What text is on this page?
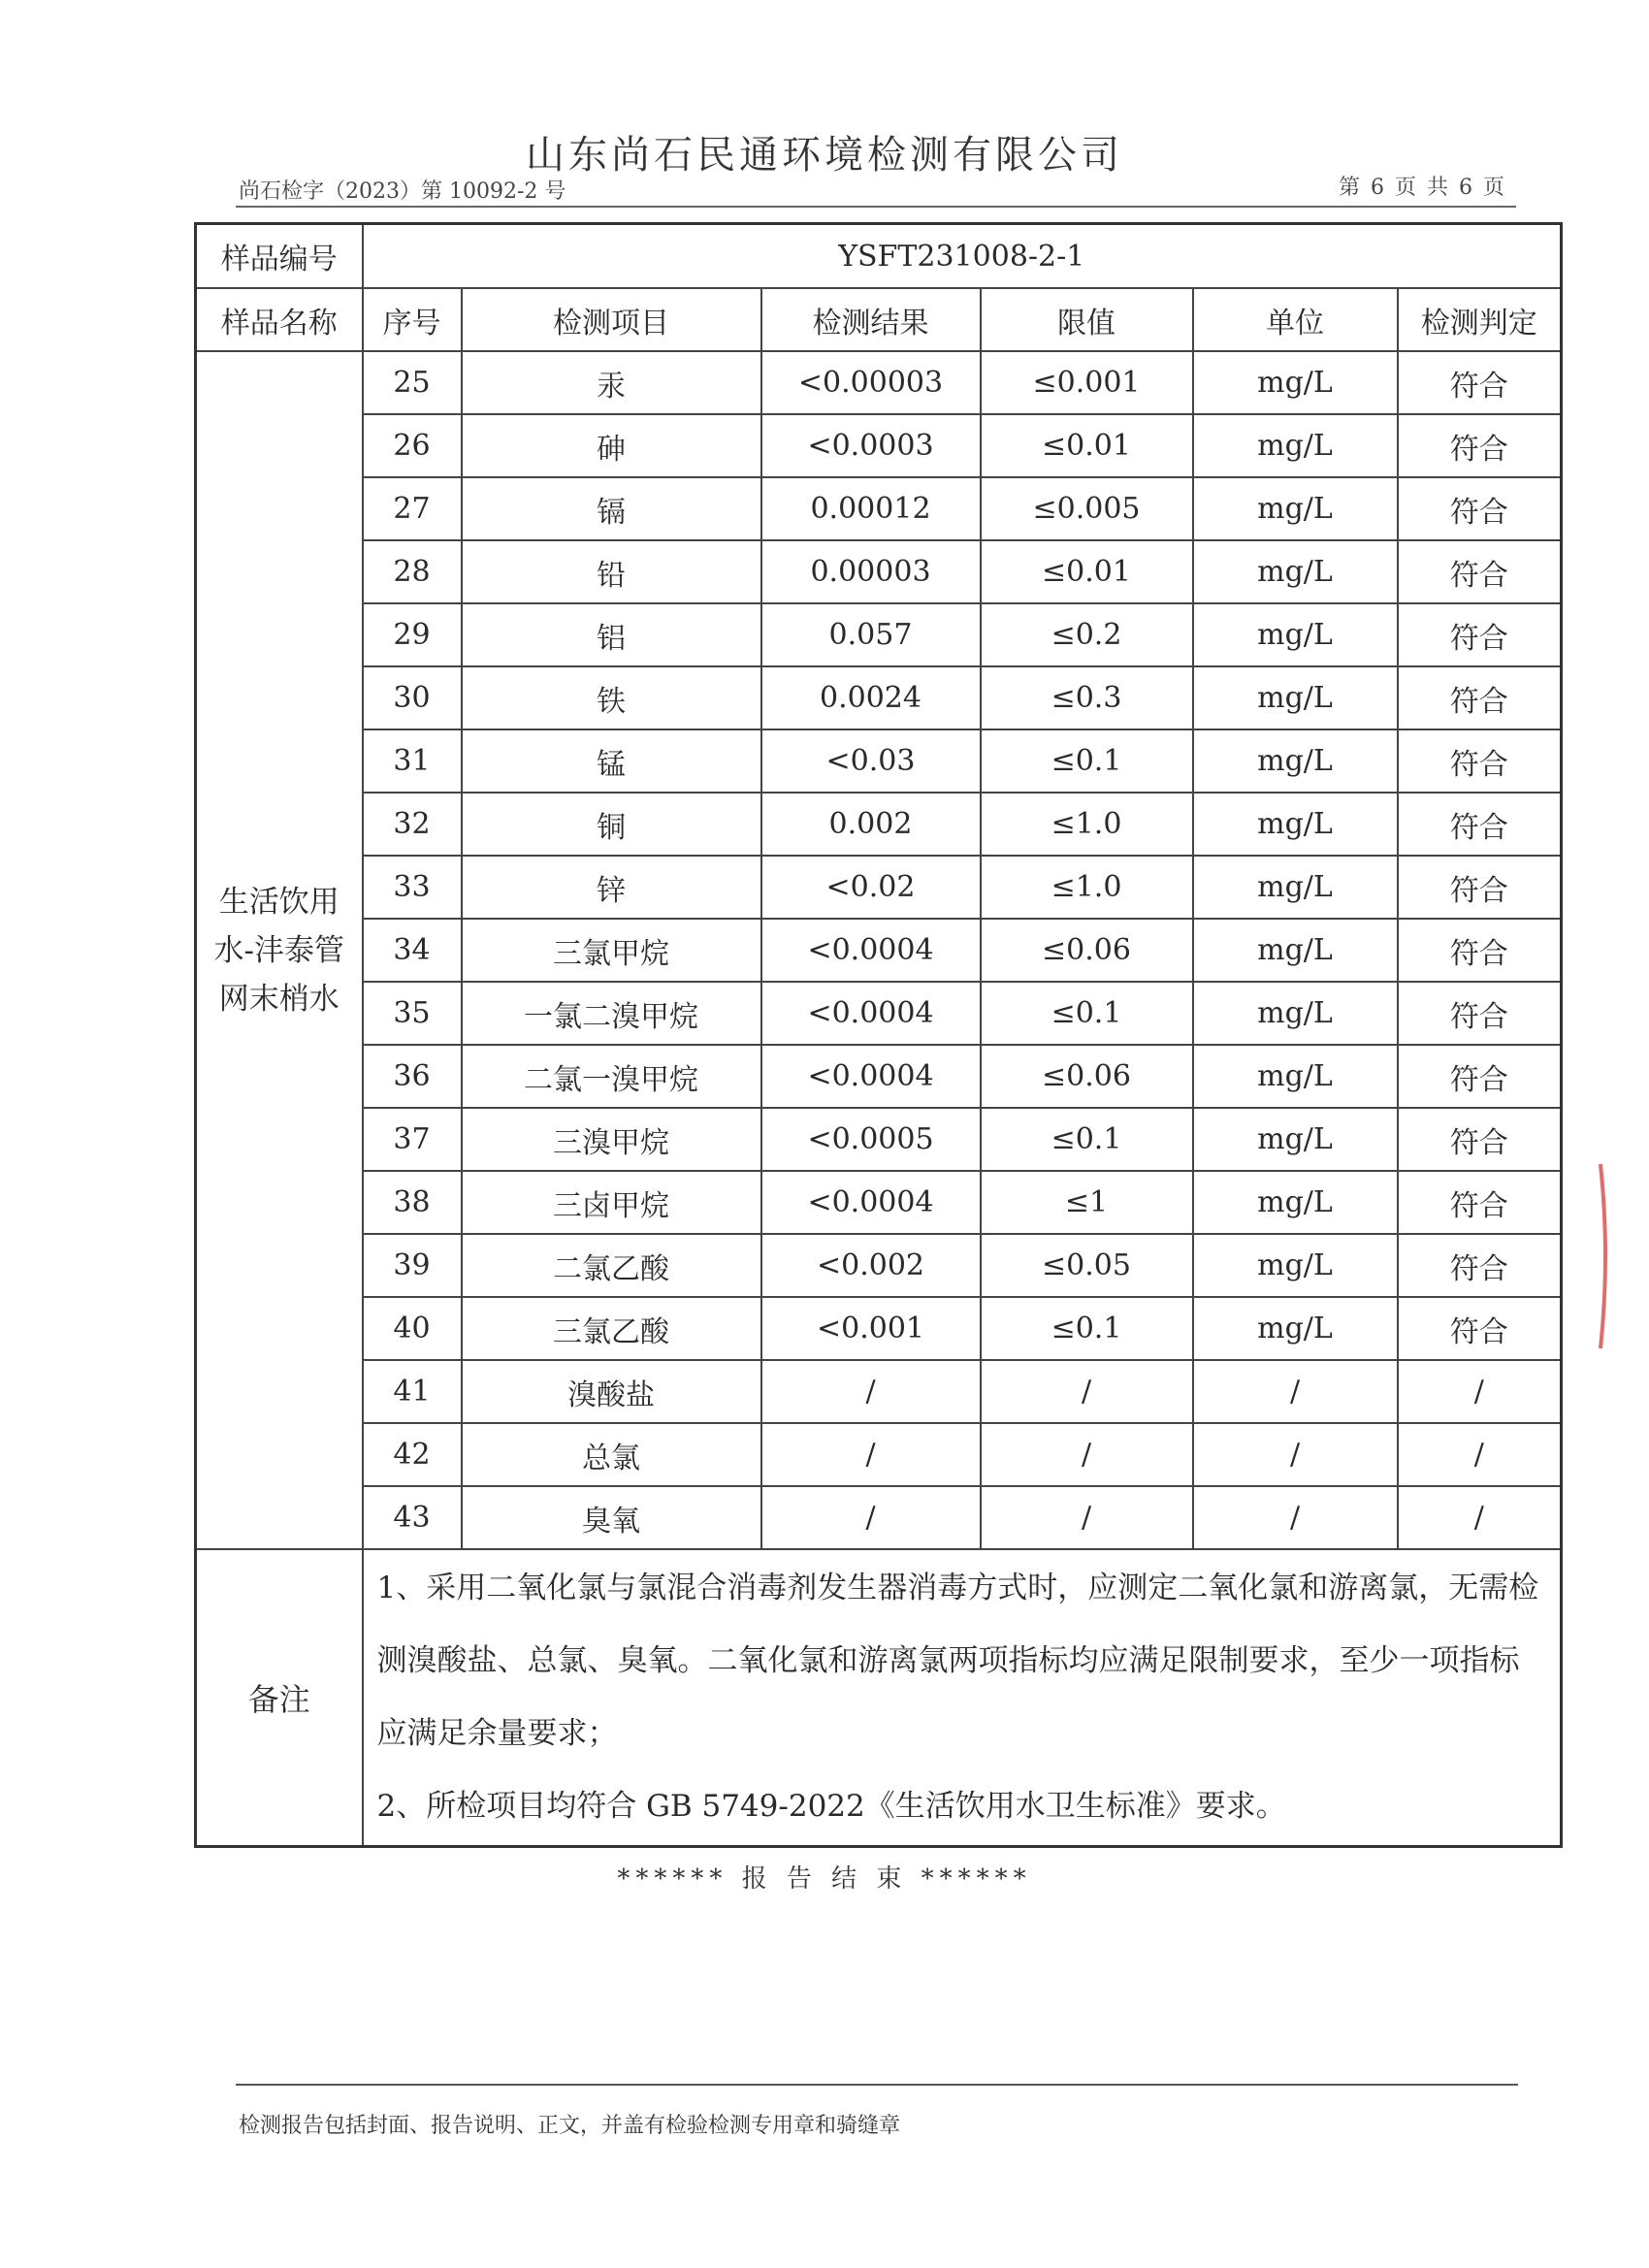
山东尚石民通环境检测有限公司
尚石检字（2023）第 10092-2 号	第 6 页 共 6 页
样品编号	YSFT231008-2-1					
样品名称	序号	检测项目	检测结果	限值	单位	检测判定
生活饮用水-沣泰管网末梢水	25	汞	<0.00003	≤0.001	mg/L	符合
	26	砷	<0.0003	≤0.01	mg/L	符合
	27	镉	0.00012	≤0.005	mg/L	符合
	28	铅	0.00003	≤0.01	mg/L	符合
	29	铝	0.057	≤0.2	mg/L	符合
	30	铁	0.0024	≤0.3	mg/L	符合
	31	锰	<0.03	≤0.1	mg/L	符合
	32	铜	0.002	≤1.0	mg/L	符合
	33	锌	<0.02	≤1.0	mg/L	符合
	34	三氯甲烷	<0.0004	≤0.06	mg/L	符合
	35	一氯二溴甲烷	<0.0004	≤0.1	mg/L	符合
	36	二氯一溴甲烷	<0.0004	≤0.06	mg/L	符合
	37	三溴甲烷	<0.0005	≤0.1	mg/L	符合
	38	三卤甲烷	<0.0004	≤1	mg/L	符合
	39	二氯乙酸	<0.002	≤0.05	mg/L	符合
	40	三氯乙酸	<0.001	≤0.1	mg/L	符合
	41	溴酸盐	/	/	/	/
	42	总氯	/	/	/	/
	43	臭氧	/	/	/	/
备注	1、采用二氧化氯与氯混合消毒剂发生器消毒方式时，应测定二氧化氯和游离氯，无需检测溴酸盐、总氯、臭氧。二氧化氯和游离氯两项指标均应满足限制要求，至少一项指标应满足余量要求；
2、所检项目均符合 GB 5749-2022《生活饮用水卫生标准》要求。					
****** 报 告 结 束 ******
检测报告包括封面、报告说明、正文，并盖有检验检测专用章和骑缝章
